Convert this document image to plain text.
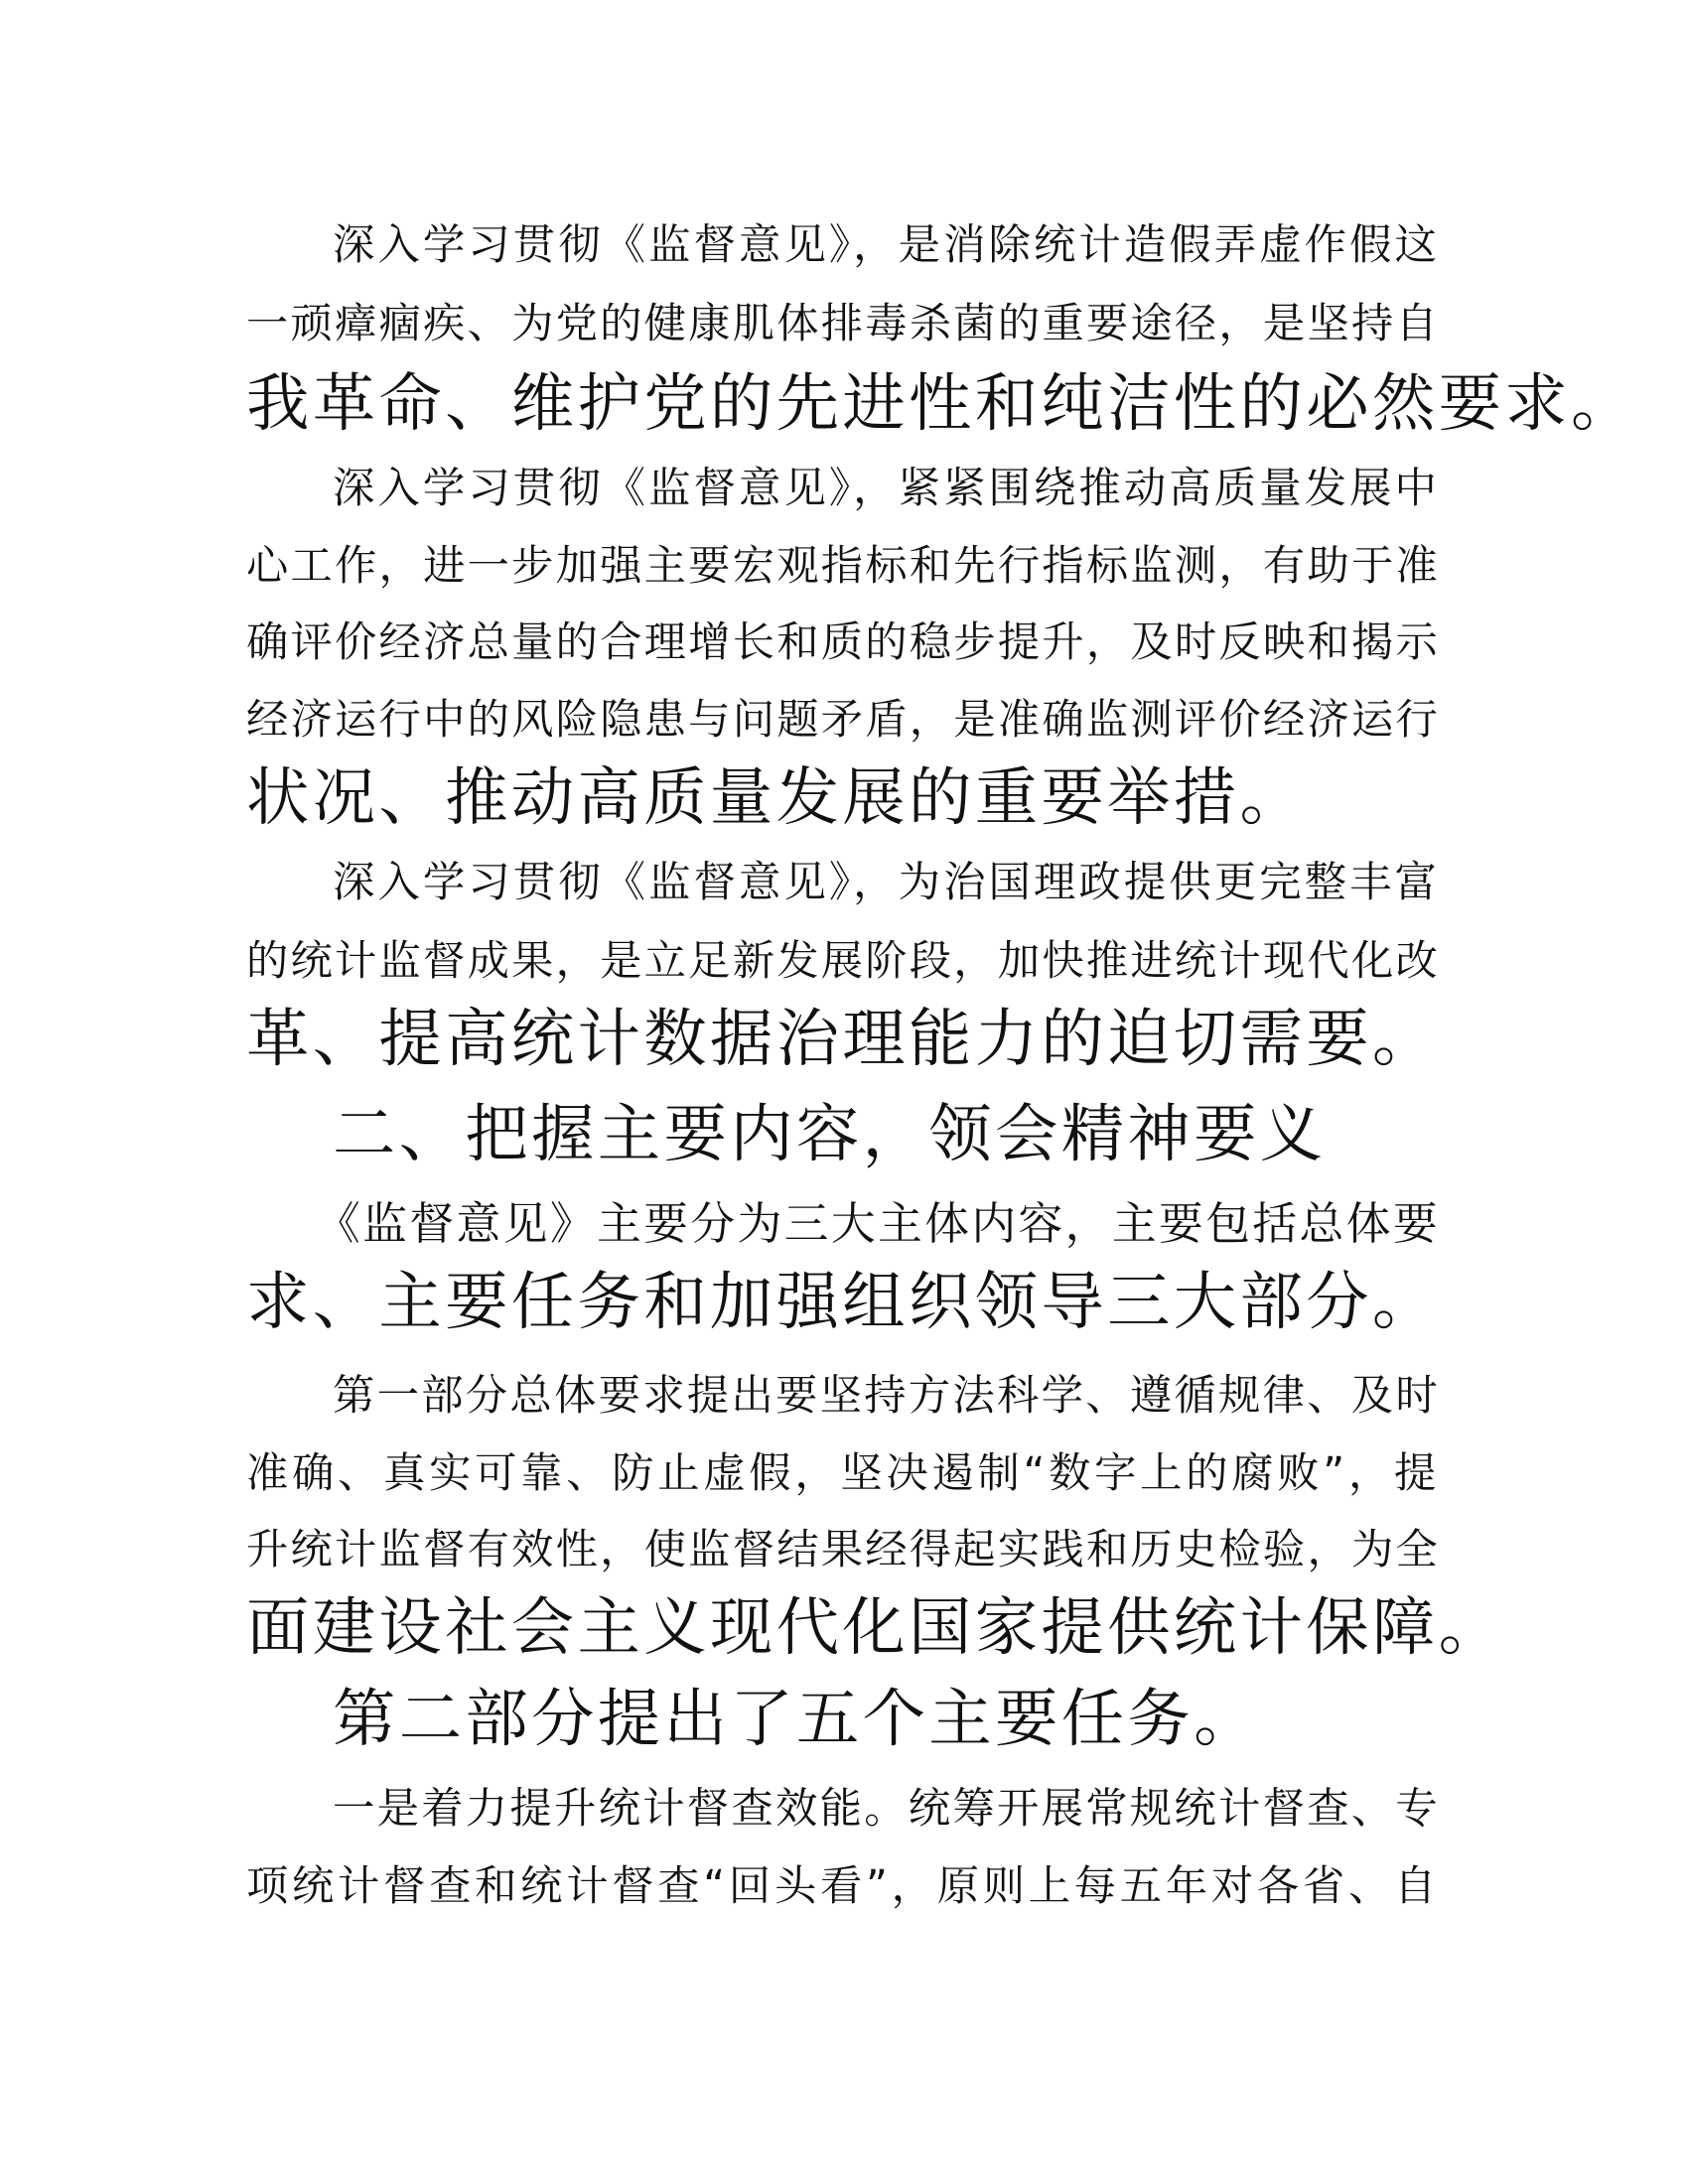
深入学习贯彻《监督意见》，是消除统计造假弄虚作假这
一顽瘴痼疾、为党的健康肌体排毒杀菌的重要途径，是坚持自
我革命、维护党的先进性和纯洁性的必然要求。
深入学习贯彻《监督意见》，紧紧围绕推动高质量发展中
心工作，进一步加强主要宏观指标和先行指标监测，有助于准
确评价经济总量的合理增长和质的稳步提升，及时反映和揭示
经济运行中的风险隐患与问题矛盾，是准确监测评价经济运行
状况、推动高质量发展的重要举措。
深入学习贯彻《监督意见》，为治国理政提供更完整丰富
的统计监督成果，是立足新发展阶段，加快推进统计现代化改
革、提高统计数据治理能力的迫切需要。
二、把握主要内容，领会精神要义
《监督意见》主要分为三大主体内容，主要包括总体要
求、主要任务和加强组织领导三大部分。
第一部分总体要求提出要坚持方法科学、遵循规律、及时
准确、真实可靠、防止虚假，坚决遏制“数字上的腐败”，提
升统计监督有效性，使监督结果经得起实践和历史检验，为全
面建设社会主义现代化国家提供统计保障。
第二部分提出了五个主要任务。
一是着力提升统计督查效能。统筹开展常规统计督查、专
项统计督查和统计督查“回头看”，原则上每五年对各省、自
